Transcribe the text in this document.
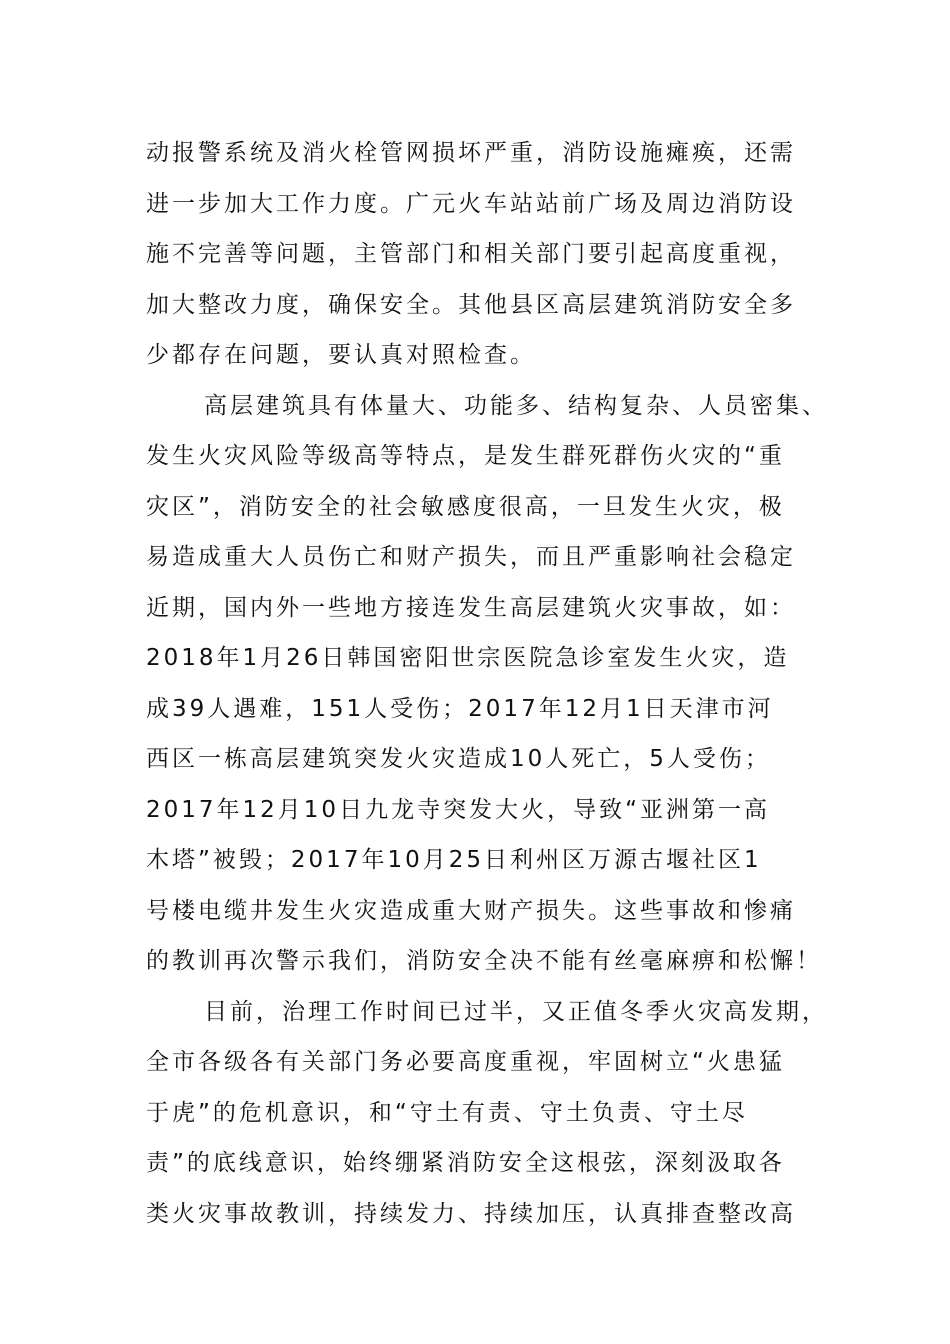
动报警系统及消火栓管网损坏严重，消防设施瘫痪，还需
进一步加大工作力度。广元火车站站前广场及周边消防设
施不完善等问题，主管部门和相关部门要引起高度重视，
加大整改力度，确保安全。其他县区高层建筑消防安全多
少都存在问题，要认真对照检查。
高层建筑具有体量大、功能多、结构复杂、人员密集、
发生火灾风险等级高等特点，是发生群死群伤火灾的“重
灾区”，消防安全的社会敏感度很高，一旦发生火灾，极
易造成重大人员伤亡和财产损失，而且严重影响社会稳定
近期，国内外一些地方接连发生高层建筑火灾事故，如：
2018年1月26日韩国密阳世宗医院急诊室发生火灾，造
成39人遇难，151人受伤；2017年12月1日天津市河
西区一栋高层建筑突发火灾造成10人死亡，5人受伤；
2017年12月10日九龙寺突发大火，导致“亚洲第一高
木塔”被毁；2017年10月25日利州区万源古堰社区1
号楼电缆井发生火灾造成重大财产损失。这些事故和惨痛
的教训再次警示我们，消防安全决不能有丝毫麻痹和松懈！
目前，治理工作时间已过半，又正值冬季火灾高发期，
全市各级各有关部门务必要高度重视，牢固树立“火患猛
于虎”的危机意识，和“守土有责、守土负责、守土尽
责”的底线意识，始终绷紧消防安全这根弦，深刻汲取各
类火灾事故教训，持续发力、持续加压，认真排查整改高
